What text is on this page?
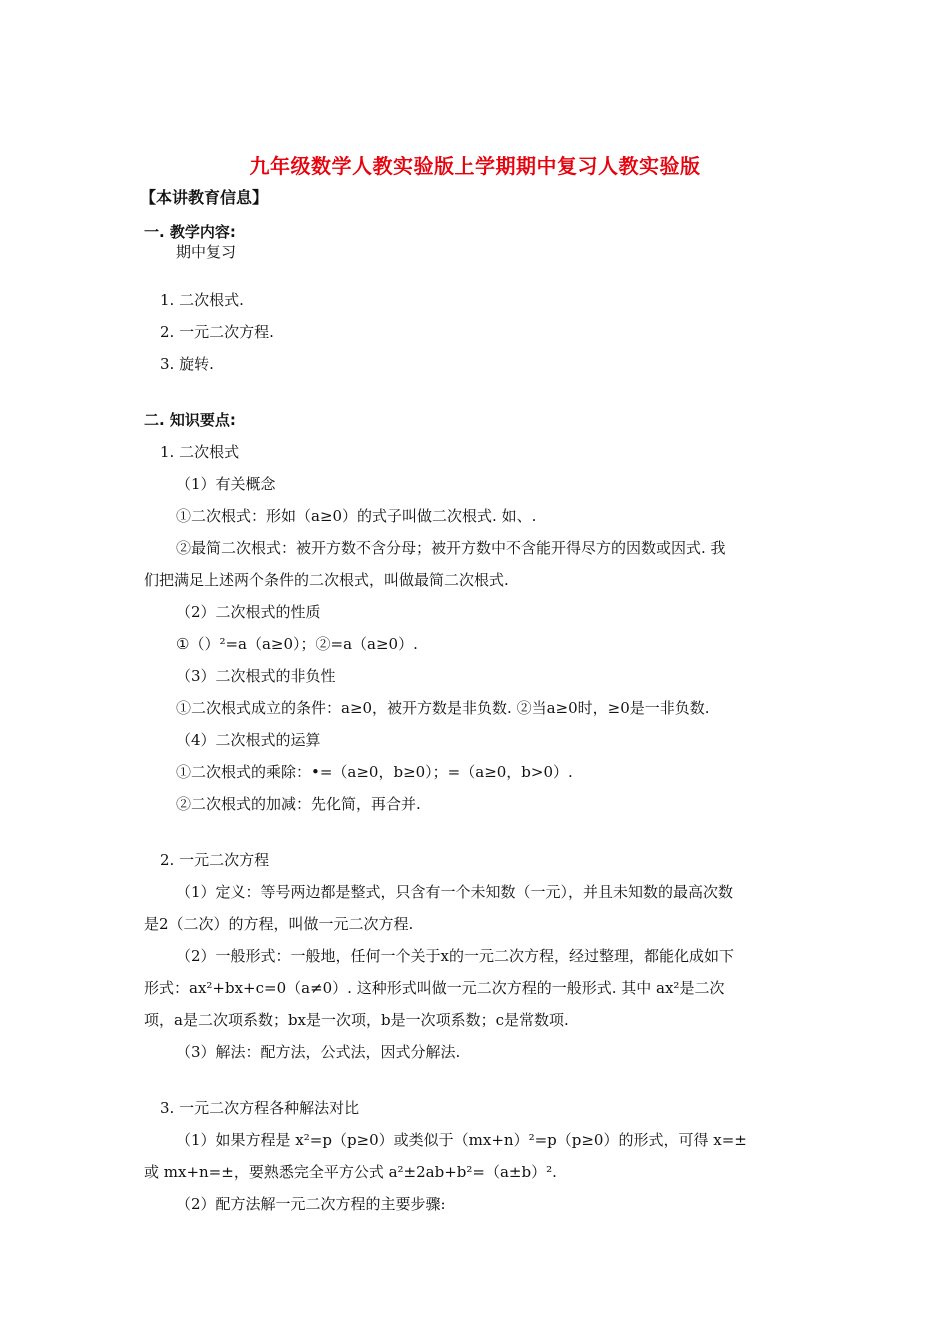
九年级数学人教实验版上学期期中复习人教实验版
【本讲教育信息】
一. 教学内容:
期中复习
1. 二次根式.
2. 一元二次方程.
3. 旋转.
二. 知识要点:
1. 二次根式
（1）有关概念
①二次根式：形如（a≥0）的式子叫做二次根式. 如、.
②最简二次根式：被开方数不含分母；被开方数中不含能开得尽方的因数或因式. 我
们把满足上述两个条件的二次根式，叫做最简二次根式.
（2）二次根式的性质
①（）²=a（a≥0）；②=a（a≥0）.
（3）二次根式的非负性
①二次根式成立的条件：a≥0，被开方数是非负数. ②当a≥0时，≥0是一非负数.
（4）二次根式的运算
①二次根式的乘除：•=（a≥0，b≥0）；=（a≥0，b>0）.
②二次根式的加减：先化简，再合并.
2. 一元二次方程
（1）定义：等号两边都是整式，只含有一个未知数（一元），并且未知数的最高次数
是2（二次）的方程，叫做一元二次方程.
（2）一般形式：一般地，任何一个关于x的一元二次方程，经过整理，都能化成如下
形式：ax²+bx+c=0（a≠0）. 这种形式叫做一元二次方程的一般形式. 其中 ax²是二次
项，a是二次项系数；bx是一次项，b是一次项系数；c是常数项.
（3）解法：配方法，公式法，因式分解法.
3. 一元二次方程各种解法对比
（1）如果方程是 x²=p（p≥0）或类似于（mx+n）²=p（p≥0）的形式，可得 x=±
或 mx+n=±，要熟悉完全平方公式 a²±2ab+b²=（a±b）².
（2）配方法解一元二次方程的主要步骤:
